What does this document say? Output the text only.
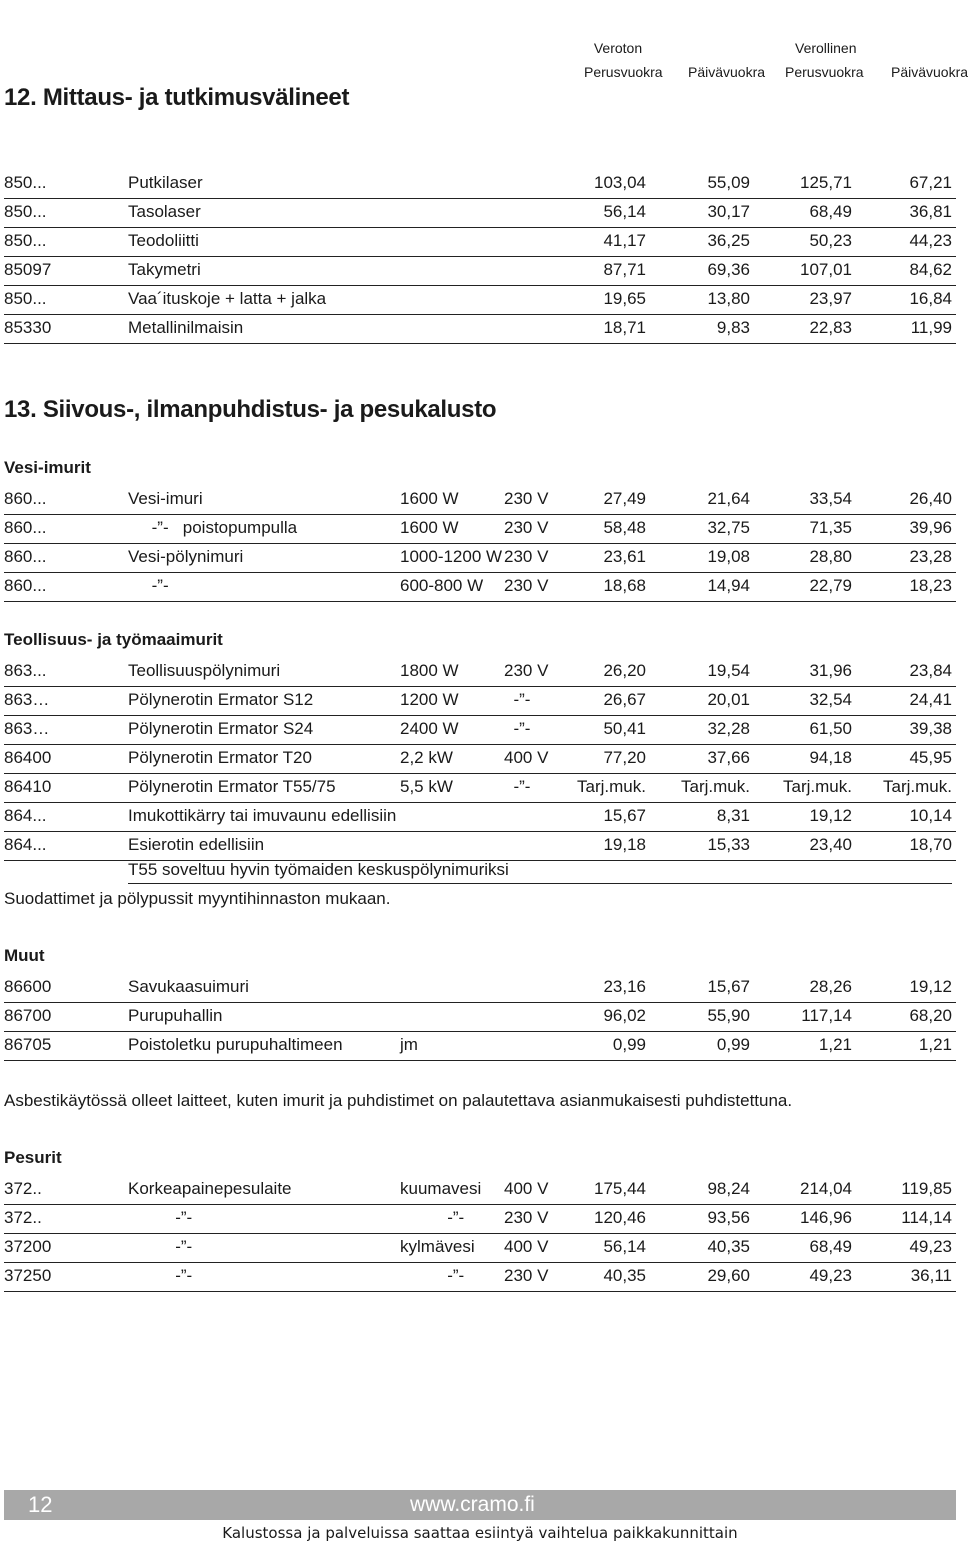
Veroton
Perusvuokra Päivävuokra
Verollinen
Perusvuokra Päivävuokra
12. Mittaus- ja tutkimusvälineet
850...	Putkilaser	103,04	55,09	125,71	67,21
850...	Tasolaser	56,14	30,17	68,49	36,81
850...	Teodoliitti	41,17	36,25	50,23	44,23
85097	Takymetri	87,71	69,36	107,01	84,62
850...	Vaa´ituskoje + latta + jalka	19,65	13,80	23,97	16,84
85330	Metallinilmaisin	18,71	9,83	22,83	11,99
13. Siivous-, ilmanpuhdistus- ja pesukalusto
Vesi-imurit
860...	Vesi-imuri	1600 W	230 V	27,49	21,64	33,54	26,40
860...	-”-   poistopumpulla	1600 W	230 V	58,48	32,75	71,35	39,96
860...	Vesi-pölynimuri	1000-1200 W 230 V	23,61	19,08	28,80	23,28
860...	-”-	600-800 W 230 V	18,68	14,94	22,79	18,23
Teollisuus- ja työmaaimurit
863...	Teollisuuspölynimuri	1800 W	230 V	26,20	19,54	31,96	23,84
863…	Pölynerotin Ermator S12	1200 W	-”-	26,67	20,01	32,54	24,41
863…	Pölynerotin Ermator S24	2400 W	-”-	50,41	32,28	61,50	39,38
86400	Pölynerotin Ermator T20	2,2 kW	400 V	77,20	37,66	94,18	45,95
86410	Pölynerotin Ermator T55/75	5,5 kW	-”-	Tarj.muk. Tarj.muk. Tarj.muk. Tarj.muk.
864...	Imukottikärry tai imuvaunu edellisiin	15,67	8,31	19,12	10,14
864...	Esierotin edellisiin	19,18	15,33	23,40	18,70
T55 soveltuu hyvin työmaiden keskuspölynimuriksi
Suodattimet ja pölypussit myyntihinnaston mukaan.
Muut
86600	Savukaasuimuri	23,16	15,67	28,26	19,12
86700	Purupuhallin	96,02	55,90	117,14	68,20
86705	Poistoletku purupuhaltimeen	jm	0,99	0,99	1,21	1,21
Asbestikäytössä olleet laitteet, kuten imurit ja puhdistimet on palautettava asianmukaisesti puhdistettuna.
Pesurit
372..	Korkeapainepesulaite	kuumavesi 400 V	175,44	98,24	214,04	119,85
372..	-”-	-”- 230 V	120,46	93,56	146,96	114,14
37200	-”-	kylmävesi 400 V	56,14	40,35	68,49	49,23
37250	-”-	-”- 230 V	40,35	29,60	49,23	36,11
12	www.cramo.fi
Kalustossa ja palveluissa saattaa esiintyä vaihtelua paikkakunnittain
